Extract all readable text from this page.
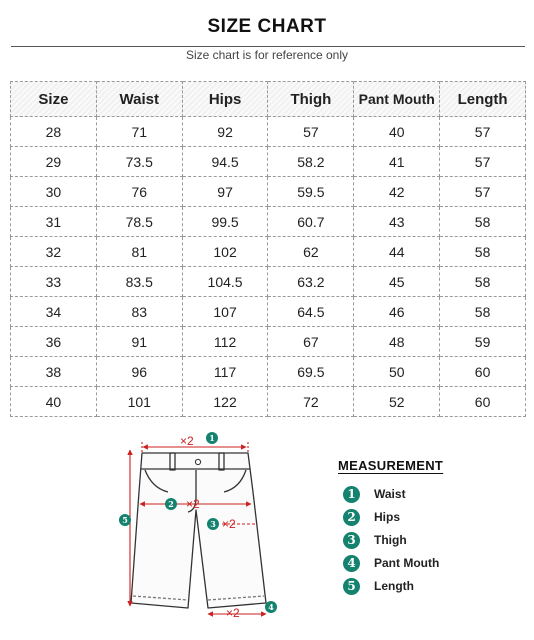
SIZE CHART
Size chart is for reference only
Size	Waist	Hips	Thigh	Pant Mouth	Length
28	71	92	57	40	57
29	73.5	94.5	58.2	41	57
30	76	97	59.5	42	57
31	78.5	99.5	60.7	43	58
32	81	102	62	44	58
33	83.5	104.5	63.2	45	58
34	83	107	64.5	46	58
36	91	112	67	48	59
38	96	117	69.5	50	60
40	101	122	72	52	60
×2
×2
×2
×2
1
2
3
4
5
MEASUREMENT
1	Waist
2	Hips
3	Thigh
4	Pant Mouth
5	Length
